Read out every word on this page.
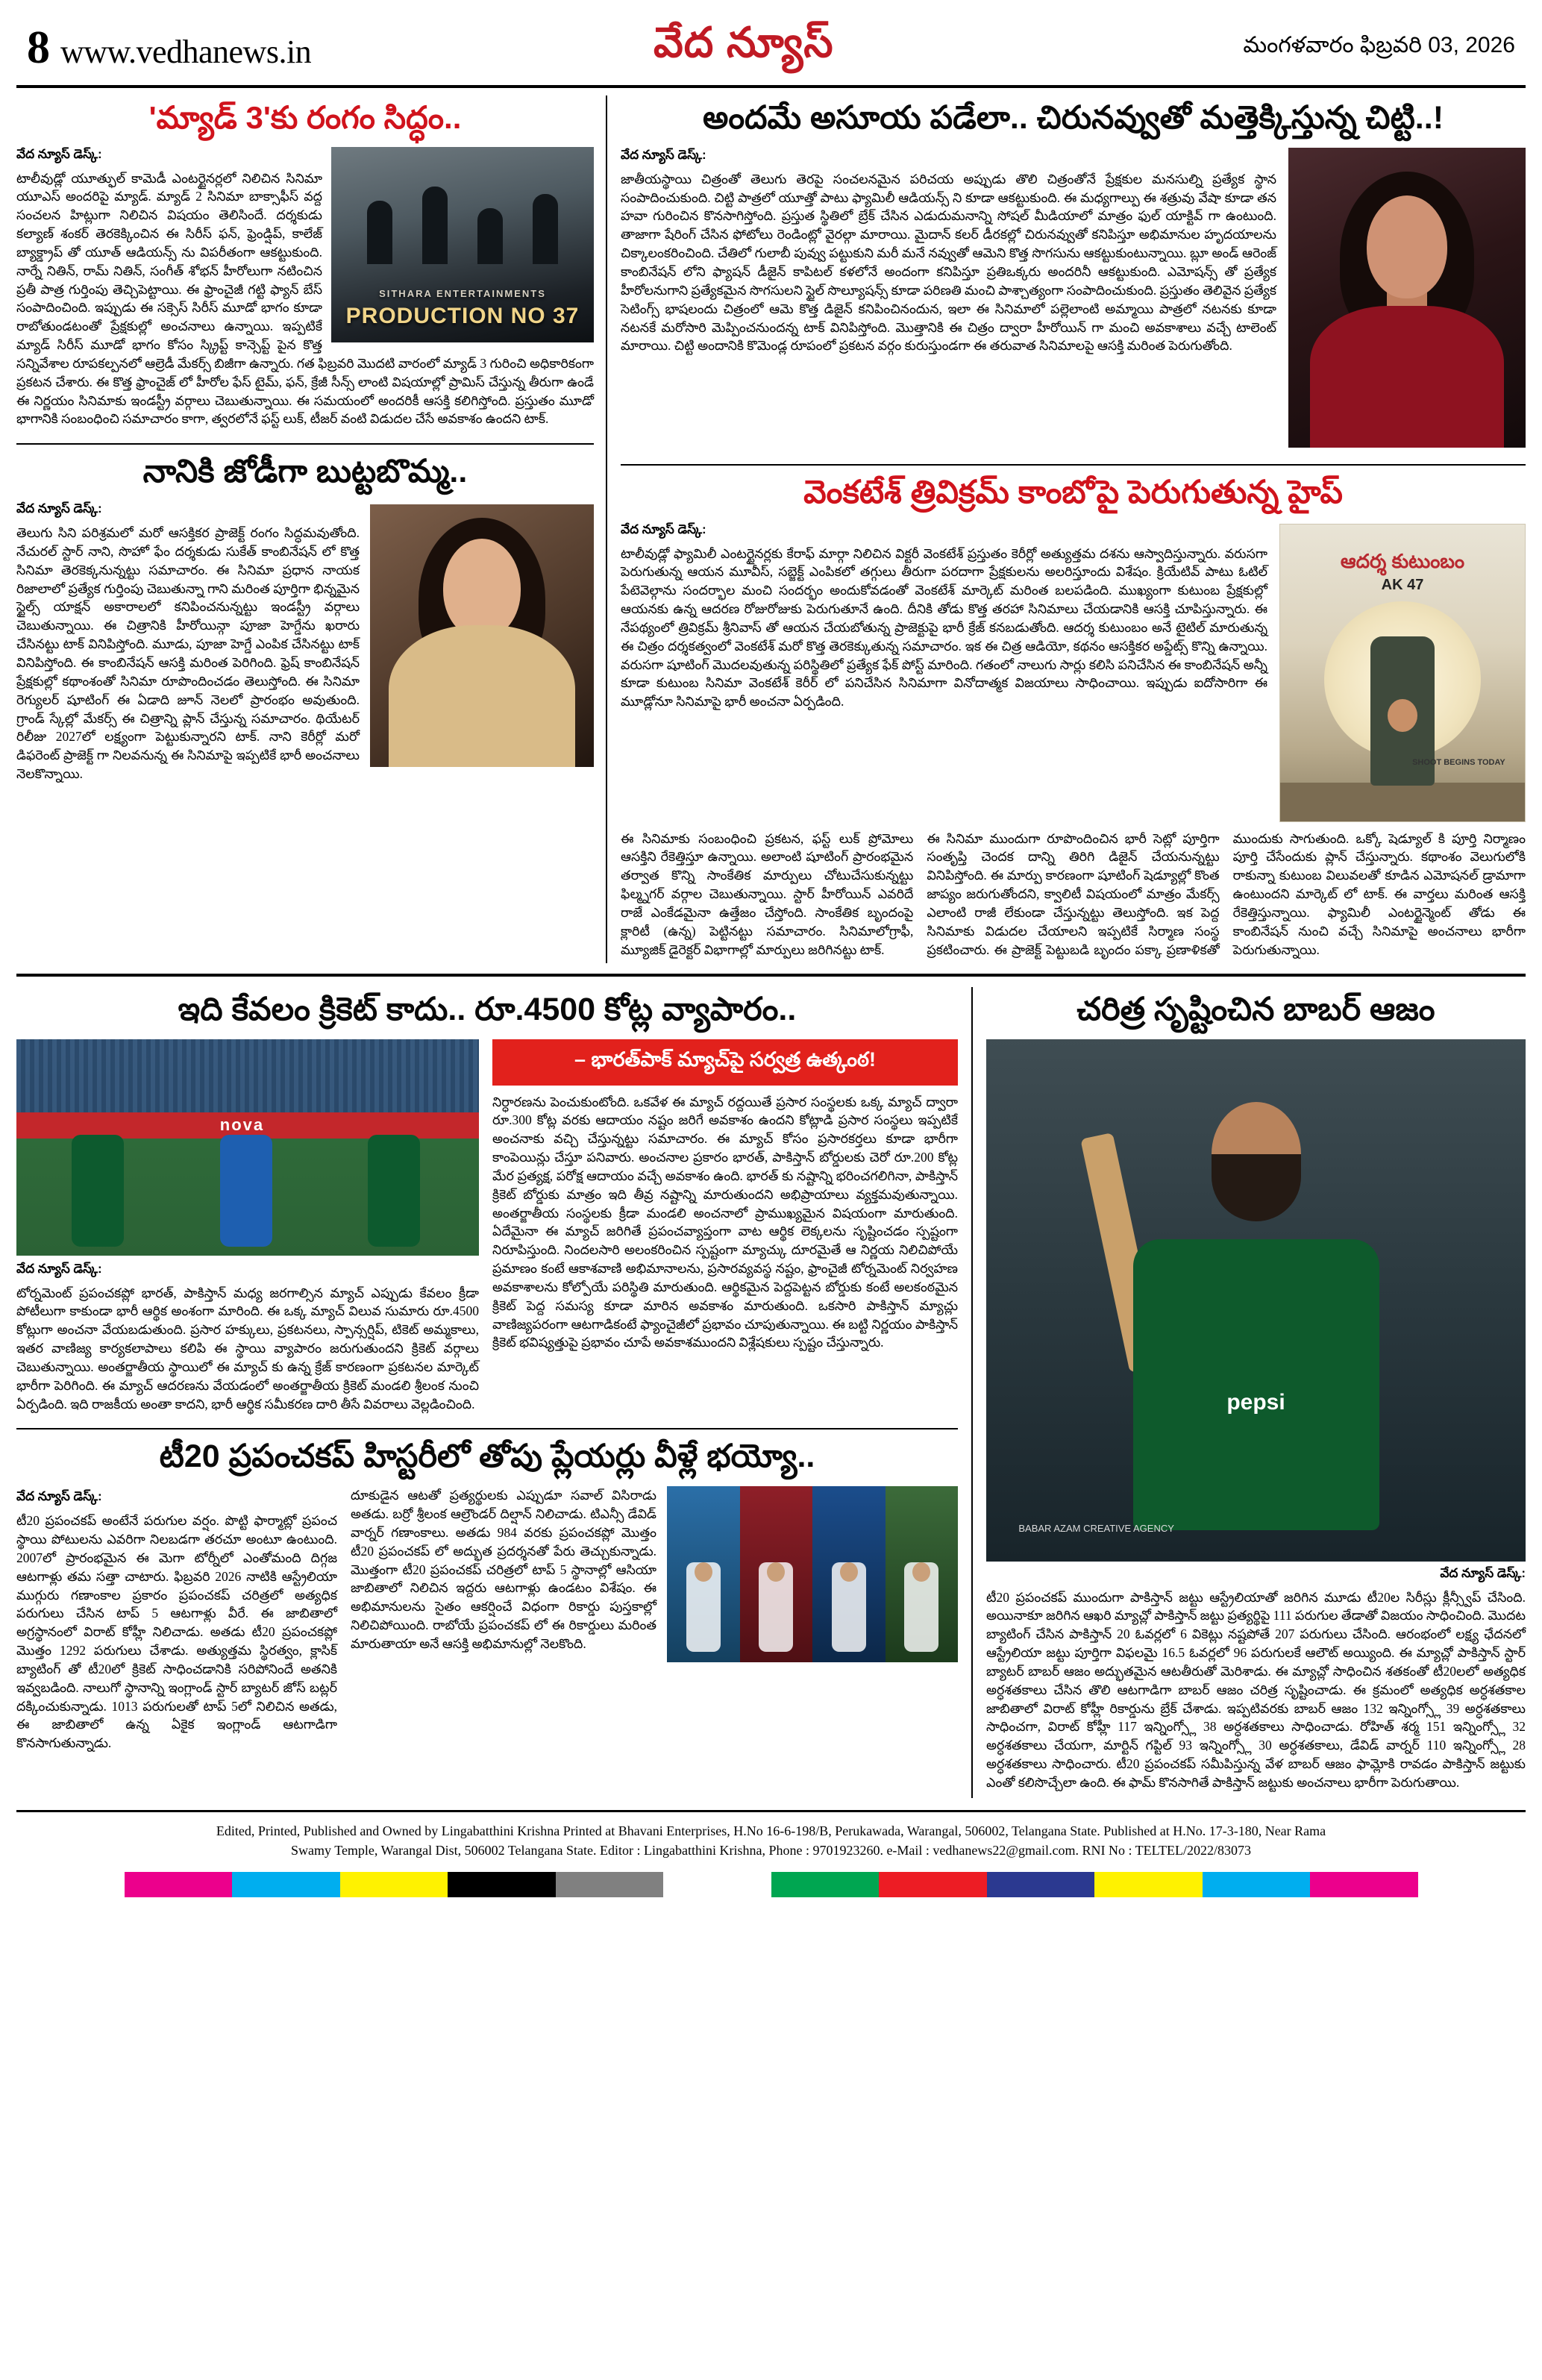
8 www.vedhanews.in	వేద న్యూస్	మంగళవారం ఫిబ్రవరి 03, 2026
'మ్యాడ్ 3'కు రంగం సిద్ధం..
SITHARA ENTERTAINMENTS
PRODUCTION NO 37
వేద న్యూస్ డెస్క్:

టాలీవుడ్లో యూత్ఫుల్ కామెడీ ఎంటర్టైనర్లలో నిలిచిన సినిమా యూఎస్ అందరిపై మ్యాడ్. మ్యాడ్ 2 సినిమా బాక్సాఫీస్ వద్ద సంచలన హిట్లుగా నిలిచిన విషయం తెలిసిందే. దర్శకుడు కల్యాణ్ శంకర్ తెరకెక్కించిన ఈ సిరీస్ ఫన్, ఫ్రెండ్షిప్, కాలేజ్ బ్యాక్డ్రాప్ తో యూత్ ఆడియన్స్ ను విపరీతంగా ఆకట్టుకుంది. నార్నే నితిన్, రామ్ నితిన్, సంగీత్ శోభన్ హీరోలుగా నటించిన ప్రతీ పాత్ర గుర్తింపు తెచ్చిపెట్టాయి. ఈ ఫ్రాంచైజీ గట్టి ఫ్యాన్ బేస్ సంపాదించింది. ఇప్పుడు ఈ సక్సెస్ సిరీస్ మూడో భాగం కూడా రాబోతుండటంతో ప్రేక్షకుల్లో అంచనాలు ఉన్నాయి. ఇప్పటికే మ్యాడ్ సిరీస్ మూడో భాగం కోసం స్క్రిప్ట్ కాన్సెప్ట్ పైన కొత్త సన్నివేశాల రూపకల్పనలో ఆల్రెడీ మేకర్స్ బిజీగా ఉన్నారు. గత ఫిబ్రవరి మొదటి వారంలో మ్యాడ్ 3 గురించి అధికారికంగా ప్రకటన చేశారు. ఈ కొత్త ఫ్రాంచైజ్ లో హీరోల ఫేస్ టైమ్, ఫన్, క్రేజీ సీన్స్ లాంటి విషయాల్లో ప్రామిస్ చేస్తున్న తీరుగా ఉండే ఈ నిర్ణయం సినిమాకు ఇండస్ట్రీ వర్గాలు చెబుతున్నాయి. ఈ సమయంలో అందరికీ ఆసక్తి కలిగిస్తోంది. ప్రస్తుతం మూడో భాగానికి సంబంధించి సమాచారం కాగా, త్వరలోనే ఫస్ట్ లుక్, టీజర్ వంటి విడుదల చేసే అవకాశం ఉందని టాక్.

నానికి జోడీగా బుట్టబొమ్మ..
వేద న్యూస్ డెస్క్:

తెలుగు సిని పరిశ్రమలో మరో ఆసక్తికర ప్రాజెక్ట్ రంగం సిద్ధమవుతోంది. నేచురల్ స్టార్ నాని, సొహో ఫేం దర్శకుడు సుకేత్ కాంబినేషన్ లో కొత్త సినిమా తెరకెక్కనున్నట్టు సమాచారం. ఈ సినిమా ప్రధాన నాయక రిజాలాలో ప్రత్యేక గుర్తింపు చెబుతున్నా గాని మరింత పూర్తిగా భిన్నమైన స్టైల్స్ యాక్షన్ అకారాలలో కనిపించనున్నట్టు ఇండస్ట్రీ వర్గాలు చెబుతున్నాయి. ఈ చిత్రానికి హీరోయిన్గా పూజా హెగ్డేను ఖరారు చేసినట్టు టాక్ వినిపిస్తోంది. మూడు, పూజా హెగ్డే ఎంపిక చేసినట్టు టాక్ వినిపిస్తోంది. ఈ కాంబినేషన్ ఆసక్తి మరింత పెరిగింది. ఫ్రెష్ కాంబినేషన్ ప్రేక్షకుల్లో కథాంశంతో సినిమా రూపొందించడం తెలుస్తోంది. ఈ సినిమా రెగ్యులర్ షూటింగ్ ఈ ఏడాది జూన్ నెలలో ప్రారంభం అవుతుంది. గ్రాండ్ స్కేల్లో మేకర్స్ ఈ చిత్రాన్ని ప్లాన్ చేస్తున్న సమాచారం. థియేటర్ రిలీజు 2027లో లక్ష్యంగా పెట్టుకున్నారని టాక్. నాని కెరీర్లో మరో డిఫరెంట్ ప్రాజెక్ట్ గా నిలవనున్న ఈ సినిమాపై ఇప్పటికే భారీ అంచనాలు నెలకొన్నాయి.

అందమే అసూయ పడేలా.. చిరునవ్వుతో మత్తెక్కిస్తున్న చిట్టి..!
వేద న్యూస్ డెస్క్:

జాతీయస్థాయి చిత్రంతో తెలుగు తెరపై సంచలనమైన పరిచయ అప్పుడు తొలి చిత్రంతోనే ప్రేక్షకుల మనసుల్ని ప్రత్యేక స్థాన సంపాదించుకుంది. చిట్టి పాత్రలో యూత్తో పాటు ఫ్యామిలీ ఆడియన్స్ ని కూడా ఆకట్టుకుంది. ఈ మధ్యగాల్పు ఈ శత్రువు వేషా కూడా తన హవా గురించిన కొనసాగిస్తోంది. ప్రస్తుత స్థితిలో బ్రేక్ చేసిన ఎడుదుమనాన్ని సోషల్ మీడియాలో మాత్రం ఫుల్ యాక్టివ్ గా ఉంటుంది. తాజాగా షేరింగ్ చేసిన ఫోటోలు రెండింట్లో వైరల్గా మారాయి. మైదాన్ కలర్ డీరకల్లో చిరునవ్వుతో కనిపిస్తూ అభిమానుల హృదయాలను చిక్కాలంకరించింది. చేతిలో గులాబీ పువ్వు పట్టుకుని మరీ మనే నవ్వుతో ఆమెని కొత్త సొగసును ఆకట్టుకుంటున్నాయి. బ్లూ అండ్ ఆరెంజ్ కాంబినేషన్ లోని ఫ్యాషన్ డీజైన్ కాపిటల్ కళలోనే అందంగా కనిపిస్తూ ప్రతిఒక్కరు అందరినీ ఆకట్టుకుంది. ఎమోషన్స్ తో ప్రత్యేక హీరోలనుగాని ప్రత్యేకమైన సొగసులని స్టైల్ సొల్యూషన్స్ కూడా పరిణతి మంచి పాశ్చాత్యంగా సంపాదించుకుంది. ప్రస్తుతం తెలివైన ప్రత్యేక సెటింగ్స్ భాషలందు చిత్రంలో ఆమె కొత్త డిజైన్ కనిపించినందున, ఇలా ఈ సినిమాలో పల్లెలాంటి అమ్మాయి పాత్రలో నటనకు కూడా నటనకే మరోసారి మెప్పించనుందన్న టాక్ వినిపిస్తోంది. మొత్తానికి ఈ చిత్రం ద్వారా హీరోయిన్ గా మంచి అవకాశాలు వచ్చే టాలెంట్ మారాయి. చిట్టి అందానికి కొమెండ్ల రూపంలో ప్రకటన వర్గం కురుస్తుండగా ఈ తరువాత సినిమాలపై ఆసక్తి మరింత పెరుగుతోంది.

వెంకటేశ్ త్రివిక్రమ్ కాంబోపై పెరుగుతున్న హైప్
ఆదర్శ కుటుంబం
AK 47
SHOOT BEGINS TODAY
వేద న్యూస్ డెస్క్:

టాలీవుడ్లో ఫ్యామిలీ ఎంటర్టైనర్లకు కేరాఫ్ మార్గా నిలిచిన విక్టరీ వెంకటేశ్ ప్రస్తుతం కెరీర్లో అత్యుత్తమ దశను ఆస్వాదిస్తున్నారు. వరుసగా పెరుగుతున్న ఆయన మూవీస్, సబ్జెక్ట్ ఎంపికలో తగ్గులు తీరుగా పరదాగా ప్రేక్షకులను అలరిస్తూందు విశేషం. క్రియేటివ్ పాటు ఓటిల్ పేటెవెల్గాను సందర్భాల మంచి సందర్భం అందుకోవడంతో వెంకటేశ్ మార్కెట్ మరింత బలపడింది. ముఖ్యంగా కుటుంబ ప్రేక్షకుల్లో ఆయనకు ఉన్న ఆదరణ రోజురోజుకు పెరుగుతూనే ఉంది. దీనికి తోడు కొత్త తరహా సినిమాలు చేయడానికి ఆసక్తి చూపిస్తున్నారు. ఈ నేపథ్యంలో త్రివిక్రమ్ శ్రీనివాస్ తో ఆయన చేయబోతున్న ప్రాజెక్టుపై భారీ క్రేజ్ కనబడుతోంది. ఆదర్శ కుటుంబం అనే టైటిల్ మారుతున్న ఈ చిత్రం దర్శకత్వంలో వెంకటేశ్ మరో కొత్త తెరకెక్కుతున్న సమాచారం. ఇక ఈ చిత్ర ఆడియో, కథనం ఆసక్తికర అప్డేట్స్ కొన్ని ఉన్నాయి. వరుసగా షూటింగ్ మొదలవుతున్న పరిస్థితిలో ప్రత్యేక ఫేక్ పోస్ట్ మారింది. గతంలో నాలుగు సార్లు కలిసి పనిచేసిన ఈ కాంబినేషన్ అన్నీ కూడా కుటుంబ సినిమా వెంకటేశ్ కెరీర్ లో పనిచేసిన సినిమాగా వినోదాత్మక విజయాలు సాధించాయి. ఇప్పుడు ఐదోసారిగా ఈ మూడ్లోనూ సినిమాపై భారీ అంచనా ఏర్పడింది.

ఈ సినిమాకు సంబంధించి ప్రకటన, ఫస్ట్ లుక్ ప్రోమోలు ఆసక్తిని రేకెత్తిస్తూ ఉన్నాయి. అలాంటి షూటింగ్ ప్రారంభమైన తర్వాత కొన్ని సాంకేతిక మార్పులు చోటుచేసుకున్నట్టు ఫిల్మ్నగర్ వర్గాల చెబుతున్నాయి. స్టార్ హీరోయిన్ ఎవరిదే రాజే ఎంకేడమైనా ఉత్తేజం చేస్తోంది. సాంకేతిక బృందంపై క్లారిటీ (ఉన్న) పెట్టినట్టు సమాచారం. సినిమాలోగ్రాఫీ, మ్యూజిక్ డైరెక్టర్ విభాగాల్లో మార్పులు జరిగినట్టు టాక్.

ఈ సినిమా ముందుగా రూపొందించిన భారీ సెట్లో పూర్తిగా సంతృప్తి చెందక దాన్ని తిరిగి డిజైన్ చేయనున్నట్టు వినిపిస్తోంది. ఈ మార్పు కారణంగా షూటింగ్ షెడ్యూల్లో కొంత జాప్యం జరుగుతోందని, క్వాలిటీ విషయంలో మాత్రం మేకర్స్ ఎలాంటి రాజీ లేకుండా చేస్తున్నట్టు తెలుస్తోంది. ఇక పెద్ద సినిమాకు విడుదల చేయాలని ఇప్పటికే సిర్మాణ సంస్థ ప్రకటించారు. ఈ ప్రాజెక్ట్ పెట్టుబడి బృందం పక్కా ప్రణాళికతో ముందుకు సాగుతుంది. ఒక్కో షెడ్యూల్ కి పూర్తి నిర్మాణం పూర్తి చేసేందుకు ప్లాన్ చేస్తున్నారు. కథాంశం వెలుగులోకి రాకున్నా కుటుంబ విలువలతో కూడిన ఎమోషనల్ డ్రామాగా ఉంటుందని మార్కెట్ లో టాక్. ఈ వార్తలు మరింత ఆసక్తి రేకెత్తిస్తున్నాయి. ఫ్యామిలీ ఎంటర్టైన్మెంట్ తోడు ఈ కాంబినేషన్ నుంచి వచ్చే సినిమాపై అంచనాలు భారీగా పెరుగుతున్నాయి.

ఇది కేవలం క్రికెట్ కాదు.. రూ.4500 కోట్ల వ్యాపారం..
nova
వేద న్యూస్ డెస్క్:

టోర్నమెంట్ ప్రపంచకప్లో భారత్, పాకిస్తాన్ మధ్య జరగాల్సిన మ్యాచ్ ఎప్పుడు కేవలం క్రీడా పోటీలుగా కాకుండా భారీ ఆర్థిక అంశంగా మారింది. ఈ ఒక్క మ్యాచ్ విలువ సుమారు రూ.4500 కోట్లుగా అంచనా వేయబడుతుంది. ప్రసార హక్కులు, ప్రకటనలు, స్పాన్సర్షిప్, టికెట్ అమ్మకాలు, ఇతర వాణిజ్య కార్యకలాపాలు కలిపి ఈ స్థాయి వ్యాపారం జరుగుతుందని క్రికెట్ వర్గాలు చెబుతున్నాయి. అంతర్జాతీయ స్థాయిలో ఈ మ్యాచ్ కు ఉన్న క్రేజ్ కారణంగా ప్రకటనల మార్కెట్ భారీగా పెరిగింది. ఈ మ్యాచ్ ఆదరణను వేయడంలో అంతర్జాతీయ క్రికెట్ మండలి శ్రీలంక నుంచి ఏర్పడింది. ఇది రాజకీయ అంతా కాదని, భారీ ఆర్థిక సమీకరణ దారి తీసే వివరాలు వెల్లడించింది.

– భారత్‌పాక్ మ్యాచ్‌పై సర్వత్ర ఉత్కంఠ!

నిర్ధారణను పెంచుకుంటోంది. ఒకవేళ ఈ మ్యాచ్ రద్దయితే ప్రసార సంస్థలకు ఒక్క మ్యాచ్ ద్వారా రూ.300 కోట్ల వరకు ఆదాయం నష్టం జరిగే అవకాశం ఉందని కోట్లాడి ప్రసార సంస్థలు ఇప్పటికే అంచనాకు వచ్చి చేస్తున్నట్టు సమాచారం. ఈ మ్యాచ్ కోసం ప్రసారకర్తలు కూడా భారీగా కాంపెయిన్లు చేస్తూ పనివారు. అంచనాల ప్రకారం భారత్, పాకిస్తాన్ బోర్డులకు చెరో రూ.200 కోట్ల మేర ప్రత్యక్ష, పరోక్ష ఆదాయం వచ్చే అవకాశం ఉంది. భారత్ కు నష్టాన్ని భరించగలిగినా, పాకిస్తాన్ క్రికెట్ బోర్డుకు మాత్రం ఇది తీవ్ర నష్టాన్ని మారుతుందని అభిప్రాయాలు వ్యక్తమవుతున్నాయి. అంతర్జాతీయ సంస్థలకు క్రీడా మండలి అంచనాలో ప్రాముఖ్యమైన విషయంగా మారుతుంది. ఏదేమైనా ఈ మ్యాచ్ జరిగితే ప్రపంచవ్యాప్తంగా వాట ఆర్థిక లెక్కలను సృష్టించడం స్పష్టంగా నిరూపిస్తుంది. నిందలసారి అలంకరించిన స్పష్టంగా మ్యాచ్కు దూరమైతే ఆ నిర్ణయ నిలిచిపోయే ప్రమాణం కంటే ఆకాశవాణి అభిమానాలను, ప్రసారవ్యవస్థ నష్టం, ఫ్రాంచైజీ టోర్నమెంట్ నిర్వహణ అవకాశాలను కోల్పోయే పరిస్థితి మారుతుంది. ఆర్థికమైన పెద్దపెట్టన బోర్డుకు కంటే అలకంఠమైన క్రికెట్ పెద్ద సమస్య కూడా మారిన అవకాశం మారుతుంది. ఒకసారి పాకిస్తాన్ మ్యాచ్లు వాణిజ్యపరంగా ఆటగాడికంటే ఫ్యాంచైజీలో ప్రభావం చూపుతున్నాయి. ఈ బట్టి నిర్ణయం పాకిస్తాన్ క్రికెట్ భవిష్యత్తుపై ప్రభావం చూపే అవకాశముందని విశ్లేషకులు స్పష్టం చేస్తున్నారు.

టీ20 ప్రపంచకప్ హిస్టరీలో తోపు ప్లేయర్లు వీళ్లే భయ్యో..
వేద న్యూస్ డెస్క్:

టీ20 ప్రపంచకప్ అంటేనే పరుగుల వర్షం. పొట్టి ఫార్మాట్లో ప్రపంచ స్థాయి పోటులను ఎవరిగా నిలబడగా తరచూ అంటూ ఉంటుంది. 2007లో ప్రారంభమైన ఈ మెగా టోర్నీలో ఎంతోమంది దిగ్గజ ఆటగాళ్లు తమ సత్తా చాటారు. ఫిబ్రవరి 2026 నాటికి ఆస్ట్రేలియా ముగ్గురు గణాంకాల ప్రకారం ప్రపంచకప్ చరిత్రలో అత్యధిక పరుగులు చేసిన టాప్ 5 ఆటగాళ్లు వీరే. ఈ జాబితాలో అగ్రస్థానంలో విరాట్ కోహ్లీ నిలిచాడు. అతడు టీ20 ప్రపంచకప్లో మొత్తం 1292 పరుగులు చేశాడు. అత్యుత్తమ స్థిరత్వం, క్లాసిక్ బ్యాటింగ్ తో టీ20లో క్రికెట్ సాధించడానికి సరిపోనిందే అతనికి ఇవ్వబడింది. నాలుగో స్థానాన్ని ఇంగ్లాండ్ స్టార్ బ్యాటర్ జోస్ బట్లర్ దక్కించుకున్నాడు. 1013 పరుగులతో టాప్ 5లో నిలిచిన అతడు, ఈ జాబితాలో ఉన్న ఏకైక ఇంగ్లాండ్ ఆటగాడిగా కొనసాగుతున్నాడు.

దూకుడైన ఆటతో ప్రత్యర్థులకు ఎప్పుడూ సవాల్ విసిరాడు అతడు. బర్రో శ్రీలంక ఆల్రౌండర్ దిల్షాన్ నిలిచాడు. టిఎన్సీ డేవిడ్ వార్నర్ గణాంకాలు. అతడు 984 వరకు ప్రపంచకప్లో మొత్తం టీ20 ప్రపంచకప్ లో అద్భుత ప్రదర్శనతో పేరు తెచ్చుకున్నాడు. మొత్తంగా టీ20 ప్రపంచకప్ చరిత్రలో టాప్ 5 స్థానాల్లో ఆసియా జాబితాలో నిలిచిన ఇద్దరు ఆటగాళ్లు ఉండటం విశేషం. ఈ అభిమానులను సైతం ఆకర్షించే విధంగా రికార్డు పుస్తకాల్లో నిలిచిపోయింది. రాబోయే ప్రపంచకప్ లో ఈ రికార్డులు మరింత మారుతాయా అనే ఆసక్తి అభిమానుల్లో నెలకొంది.

చరిత్ర సృష్టించిన బాబర్ ఆజం
pepsi
BABAR AZAM CREATIVE AGENCY
వేద న్యూస్ డెస్క్:

టీ20 ప్రపంచకప్ ముందుగా పాకిస్తాన్ జట్టు ఆస్ట్రేలియాతో జరిగిన మూడు టీ20ల సిరీస్లు క్లీన్స్వీప్ చేసింది. అయినాకూ జరిగిన ఆఖరి మ్యాచ్లో పాకిస్తాన్ జట్టు ప్రత్యర్థిపై 111 పరుగుల తేడాతో విజయం సాధించింది. మొదట బ్యాటింగ్ చేసిన పాకిస్తాన్ 20 ఓవర్లలో 6 వికెట్లు నష్టపోతే 207 పరుగులు చేసింది. ఆరంభంలో లక్ష్య ఛేదనలో ఆస్ట్రేలియా జట్టు పూర్తిగా విఫలమై 16.5 ఓవర్లలో 96 పరుగులకే ఆలౌట్ అయ్యింది. ఈ మ్యాచ్లో పాకిస్తాన్ స్టార్ బ్యాటర్ బాబర్ ఆజం అద్భుతమైన ఆటతీరుతో మెరిశాడు. ఈ మ్యాచ్లో సాధించిన శతకంతో టీ20లలో అత్యధిక అర్ధశతకాలు చేసిన తొలి ఆటగాడిగా బాబర్ ఆజం చరిత్ర సృష్టించాడు. ఈ క్రమంలో అత్యధిక అర్ధశతకాల జాబితాలో విరాట్ కోహ్లీ రికార్డును బ్రేక్ చేశాడు. ఇప్పటివరకు బాబర్ ఆజం 132 ఇన్నింగ్స్లో 39 అర్ధశతకాలు సాధించగా, విరాట్ కోహ్లీ 117 ఇన్నింగ్స్లో 38 అర్ధశతకాలు సాధించాడు. రోహిత్ శర్మ 151 ఇన్నింగ్స్లో 32 అర్ధశతకాలు చేయగా, మార్టిన్ గప్టిల్ 93 ఇన్నింగ్స్లో 30 అర్ధశతకాలు, డేవిడ్ వార్నర్ 110 ఇన్నింగ్స్లో 28 అర్ధశతకాలు సాధించారు. టీ20 ప్రపంచకప్ సమీపిస్తున్న వేళ బాబర్ ఆజం ఫామ్లోకి రావడం పాకిస్తాన్ జట్టుకు ఎంతో కలిసొచ్చేలా ఉంది. ఈ ఫామ్ కొనసాగితే పాకిస్తాన్ జట్టుకు అంచనాలు భారీగా పెరుగుతాయి.

Edited, Printed, Published and Owned by Lingabatthini Krishna Printed at Bhavani Enterprises, H.No 16-6-198/B, Perukawada, Warangal, 506002, Telangana State. Published at H.No. 17-3-180, Near Rama
Swamy Temple, Warangal Dist, 506002 Telangana State. Editor : Lingabatthini Krishna, Phone : 9701923260. e-Mail : vedhanews22@gmail.com. RNI No : TELTEL/2022/83073
